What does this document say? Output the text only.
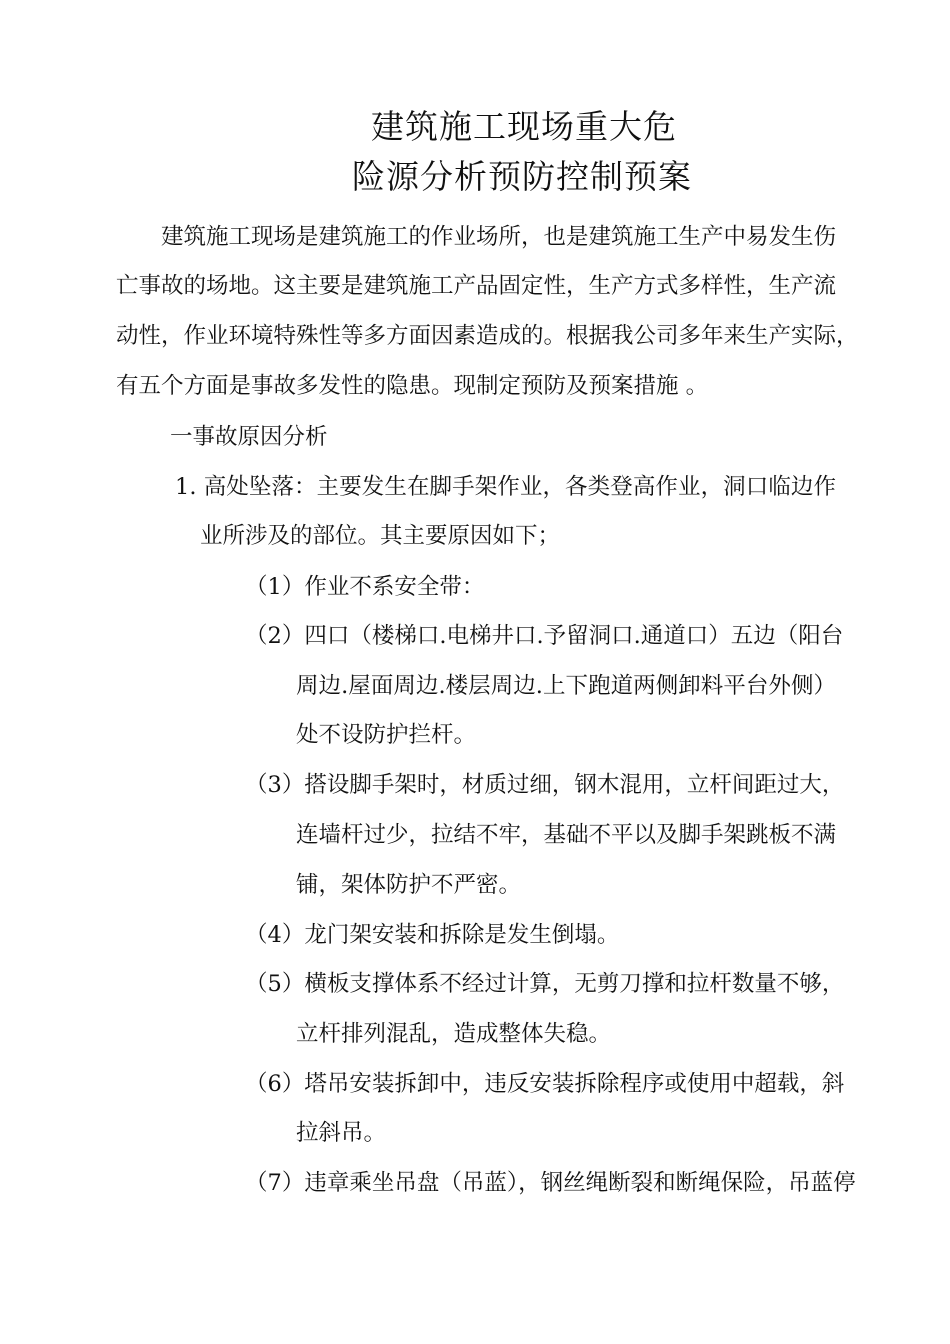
建筑施工现场重大危
险源分析预防控制预案
建筑施工现场是建筑施工的作业场所，也是建筑施工生产中易发生伤
亡事故的场地。这主要是建筑施工产品固定性，生产方式多样性，生产流
动性，作业环境特殊性等多方面因素造成的。根据我公司多年来生产实际，
有五个方面是事故多发性的隐患。现制定预防及预案措施 。
一事故原因分析
1. 高处坠落：主要发生在脚手架作业，各类登高作业，洞口临边作
业所涉及的部位。其主要原因如下；
（1）作业不系安全带：
（2）四口（楼梯口.电梯井口.予留洞口.通道口）五边（阳台
周边.屋面周边.楼层周边.上下跑道两侧卸料平台外侧）
处不设防护拦杆。
（3）搭设脚手架时，材质过细，钢木混用，立杆间距过大，
连墙杆过少，拉结不牢，基础不平以及脚手架跳板不满
铺，架体防护不严密。
（4）龙门架安装和拆除是发生倒塌。
（5）横板支撑体系不经过计算，无剪刀撑和拉杆数量不够，
立杆排列混乱，造成整体失稳。
（6）塔吊安装拆卸中，违反安装拆除程序或使用中超载，斜
拉斜吊。
（7）违章乘坐吊盘（吊蓝），钢丝绳断裂和断绳保险，吊蓝停
